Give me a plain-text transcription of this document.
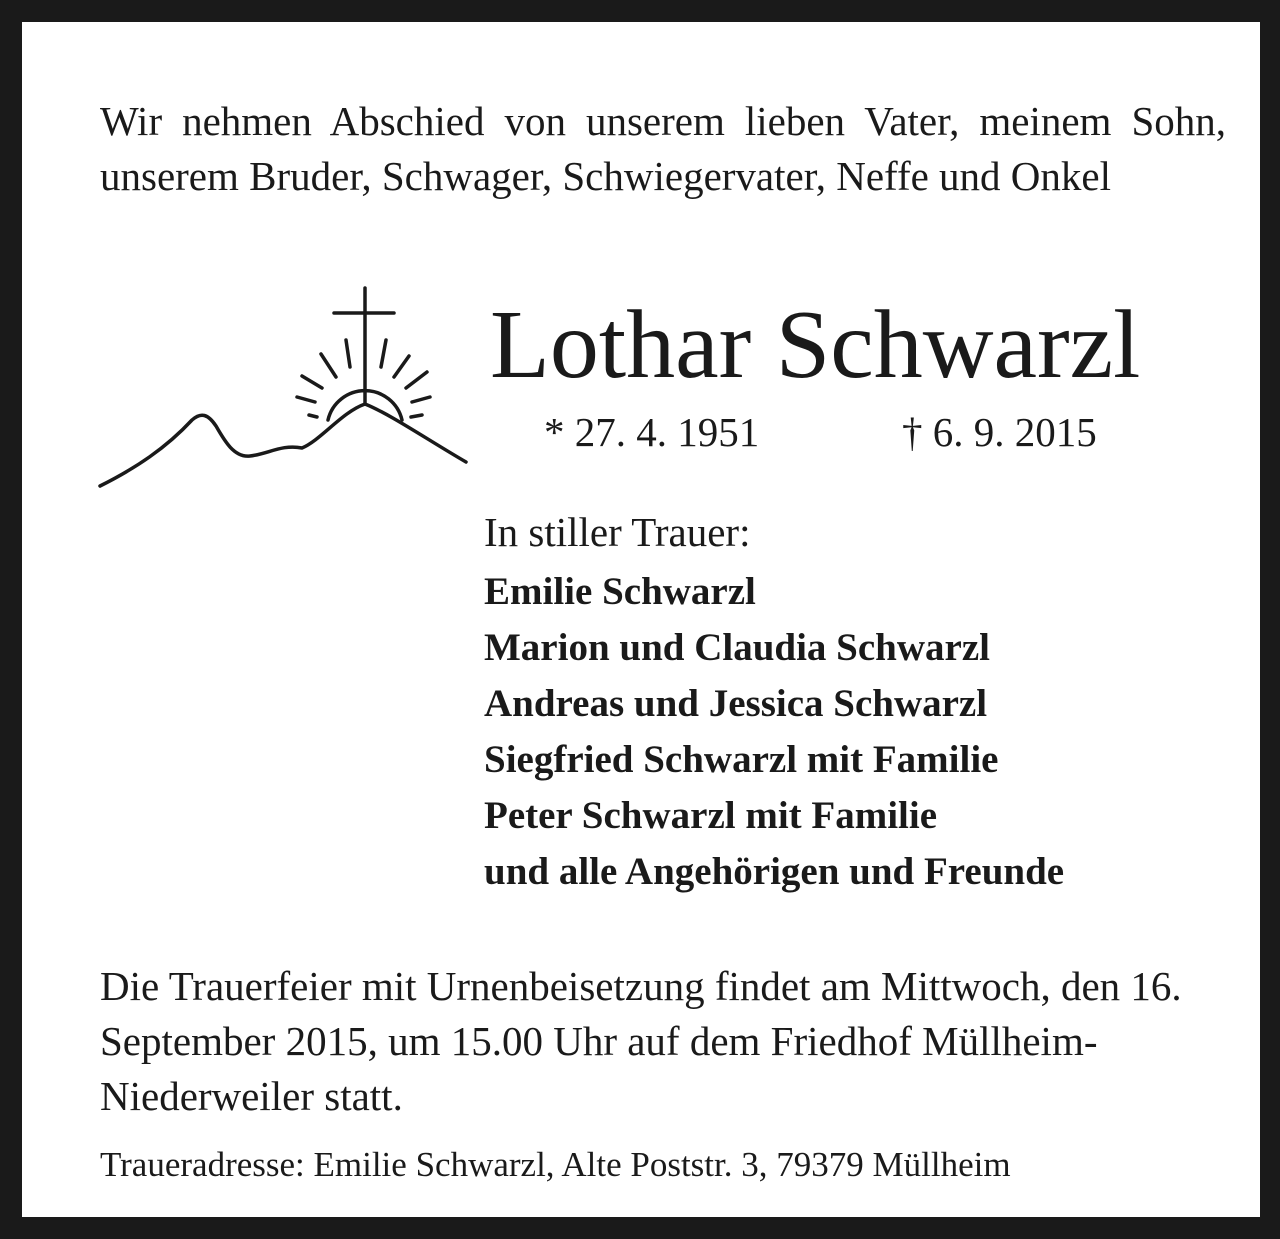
Wir nehmen Abschied von unserem lieben Vater, meinem Sohn, unserem Bruder, Schwager, Schwiegervater, Neffe und Onkel
Lothar Schwarzl
* 27. 4. 1951	† 6. 9. 2015
In stiller Trauer:
Emilie Schwarzl
Marion und Claudia Schwarzl
Andreas und Jessica Schwarzl
Siegfried Schwarzl mit Familie
Peter Schwarzl mit Familie
und alle Angehörigen und Freunde
Die Trauerfeier mit Urnenbeisetzung findet am Mittwoch, den 16. September 2015, um 15.00 Uhr auf dem Friedhof Müllheim-Niederweiler statt.
Traueradresse: Emilie Schwarzl, Alte Poststr. 3, 79379 Müllheim
